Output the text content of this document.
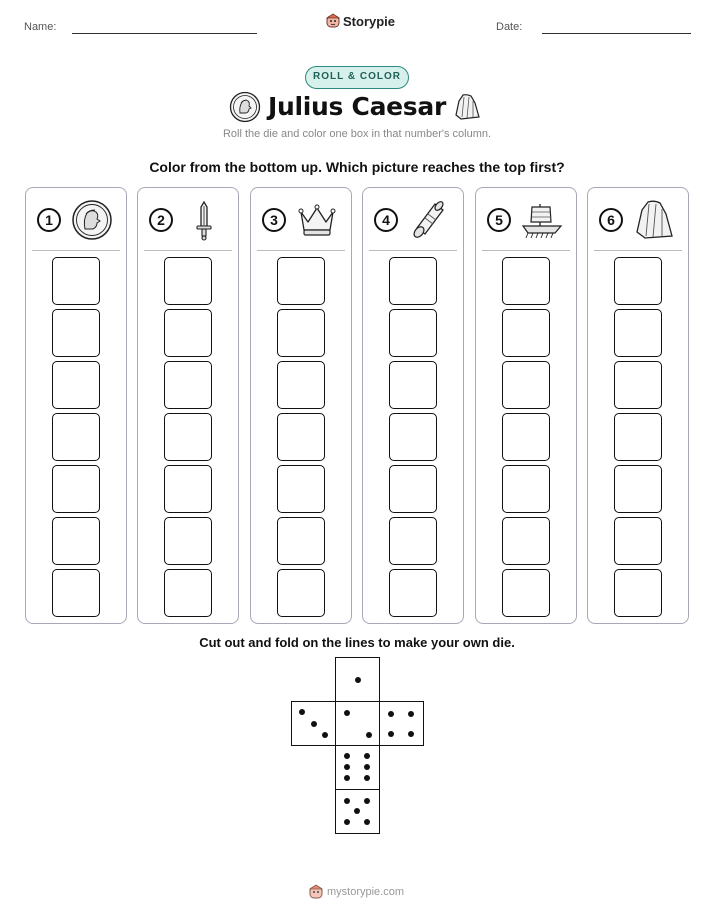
Name:	Storypie	Date:
ROLL & COLOR
Julius Caesar
Roll the die and color one box in that number's column.
Color from the bottom up. Which picture reaches the top first?
1	2	3	4	5	6
Cut out and fold on the lines to make your own die.
mystorypie.com
